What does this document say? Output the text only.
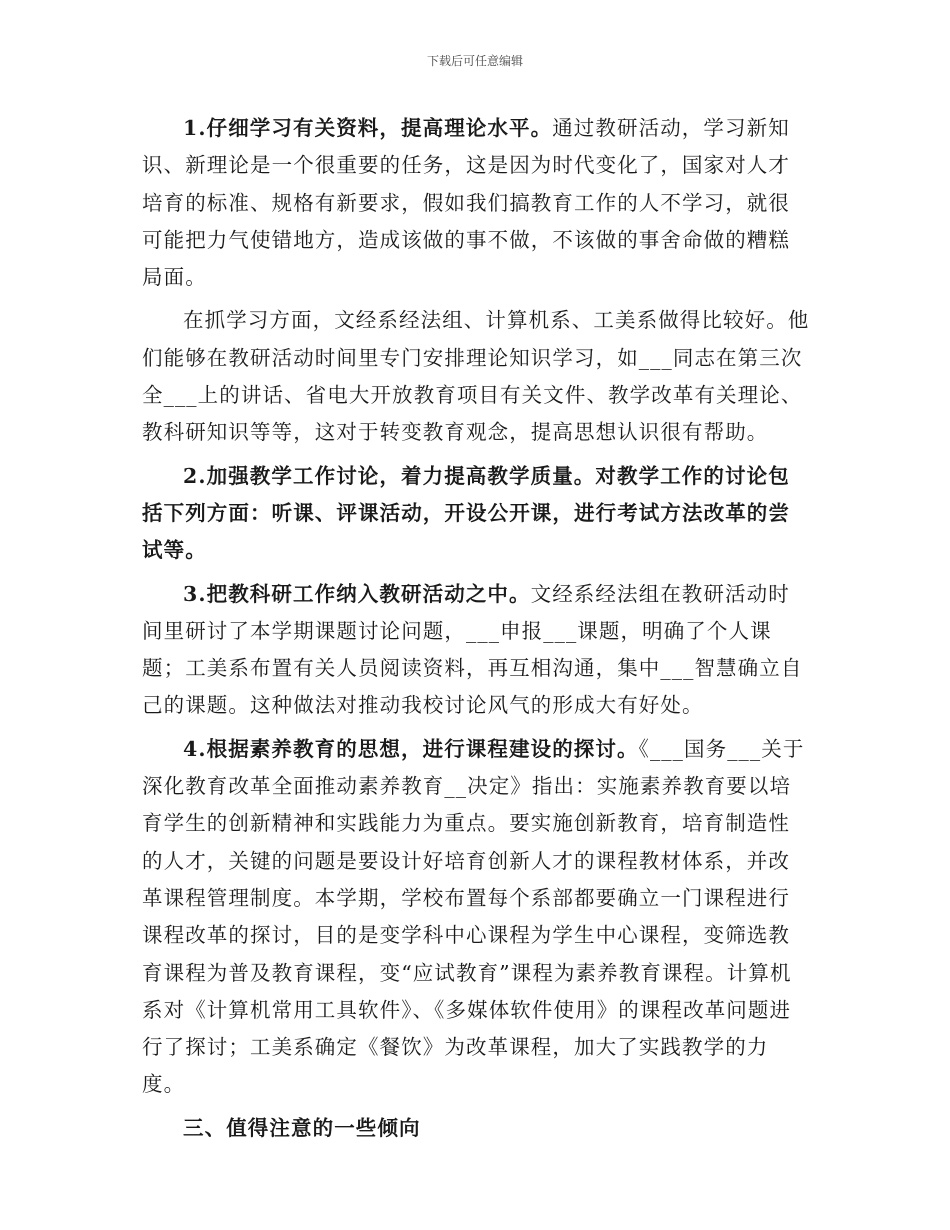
下载后可任意编辑

1.仔细学习有关资料，提高理论水平。通过教研活动，学习新知识、新理论是一个很重要的任务，这是因为时代变化了，国家对人才培育的标准、规格有新要求，假如我们搞教育工作的人不学习，就很可能把力气使错地方，造成该做的事不做，不该做的事舍命做的糟糕局面。

在抓学习方面，文经系经法组、计算机系、工美系做得比较好。他们能够在教研活动时间里专门安排理论知识学习，如___同志在第三次全___上的讲话、省电大开放教育项目有关文件、教学改革有关理论、教科研知识等等，这对于转变教育观念，提高思想认识很有帮助。

2.加强教学工作讨论，着力提高教学质量。对教学工作的讨论包括下列方面：听课、评课活动，开设公开课，进行考试方法改革的尝试等。

3.把教科研工作纳入教研活动之中。文经系经法组在教研活动时间里研讨了本学期课题讨论问题，___申报___课题，明确了个人课题；工美系布置有关人员阅读资料，再互相沟通，集中___智慧确立自己的课题。这种做法对推动我校讨论风气的形成大有好处。

4.根据素养教育的思想，进行课程建设的探讨。《___国务___关于深化教育改革全面推动素养教育__决定》指出：实施素养教育要以培育学生的创新精神和实践能力为重点。要实施创新教育，培育制造性的人才，关键的问题是要设计好培育创新人才的课程教材体系，并改革课程管理制度。本学期，学校布置每个系部都要确立一门课程进行课程改革的探讨，目的是变学科中心课程为学生中心课程，变筛选教育课程为普及教育课程，变“应试教育”课程为素养教育课程。计算机系对《计算机常用工具软件》、《多媒体软件使用》的课程改革问题进行了探讨；工美系确定《餐饮》为改革课程，加大了实践教学的力度。

三、值得注意的一些倾向
